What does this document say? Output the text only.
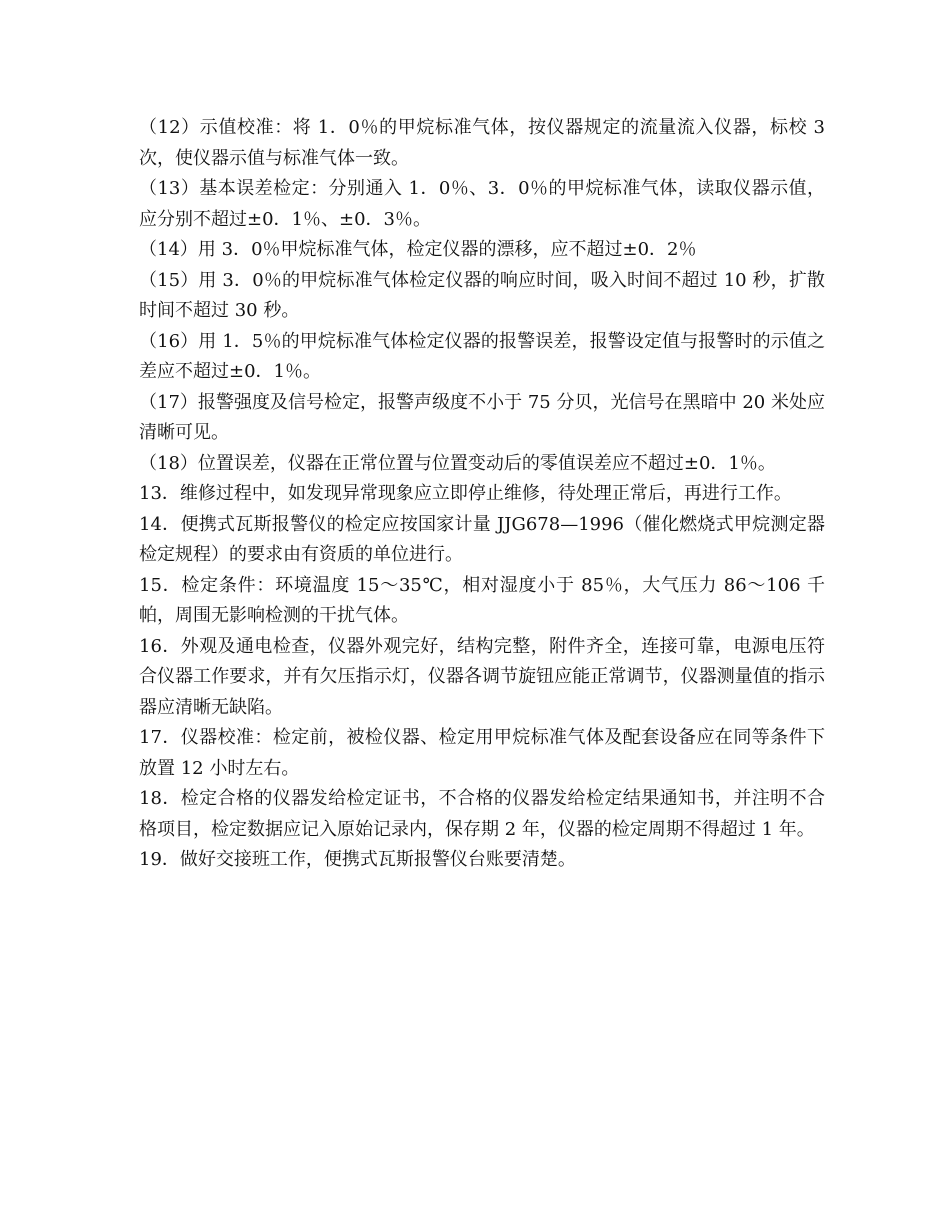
（12）示值校准：将 1．0％的甲烷标准气体，按仪器规定的流量流入仪器，标校 3 次，使仪器示值与标准气体一致。

（13）基本误差检定：分别通入 1．0％、3．0％的甲烷标准气体，读取仪器示值，应分别不超过±0．1％、±0．3％。

（14）用 3．0％甲烷标准气体，检定仪器的漂移，应不超过±0．2％

（15）用 3．0％的甲烷标准气体检定仪器的响应时间，吸入时间不超过 10 秒，扩散时间不超过 30 秒。

（16）用 1．5％的甲烷标准气体检定仪器的报警误差，报警设定值与报警时的示值之差应不超过±0．1％。

（17）报警强度及信号检定，报警声级度不小于 75 分贝，光信号在黑暗中 20 米处应清晰可见。

（18）位置误差，仪器在正常位置与位置变动后的零值误差应不超过±0．1％。

13．维修过程中，如发现异常现象应立即停止维修，待处理正常后，再进行工作。

14．便携式瓦斯报警仪的检定应按国家计量 JJG678—1996（催化燃烧式甲烷测定器检定规程）的要求由有资质的单位进行。

15．检定条件：环境温度 15～35℃，相对湿度小于 85％，大气压力 86～106 千帕，周围无影响检测的干扰气体。

16．外观及通电检查，仪器外观完好，结构完整，附件齐全，连接可靠，电源电压符合仪器工作要求，并有欠压指示灯，仪器各调节旋钮应能正常调节，仪器测量值的指示器应清晰无缺陷。

17．仪器校准：检定前，被检仪器、检定用甲烷标准气体及配套设备应在同等条件下放置 12 小时左右。

18．检定合格的仪器发给检定证书，不合格的仪器发给检定结果通知书，并注明不合格项目，检定数据应记入原始记录内，保存期 2 年，仪器的检定周期不得超过 1 年。

19．做好交接班工作，便携式瓦斯报警仪台账要清楚。
